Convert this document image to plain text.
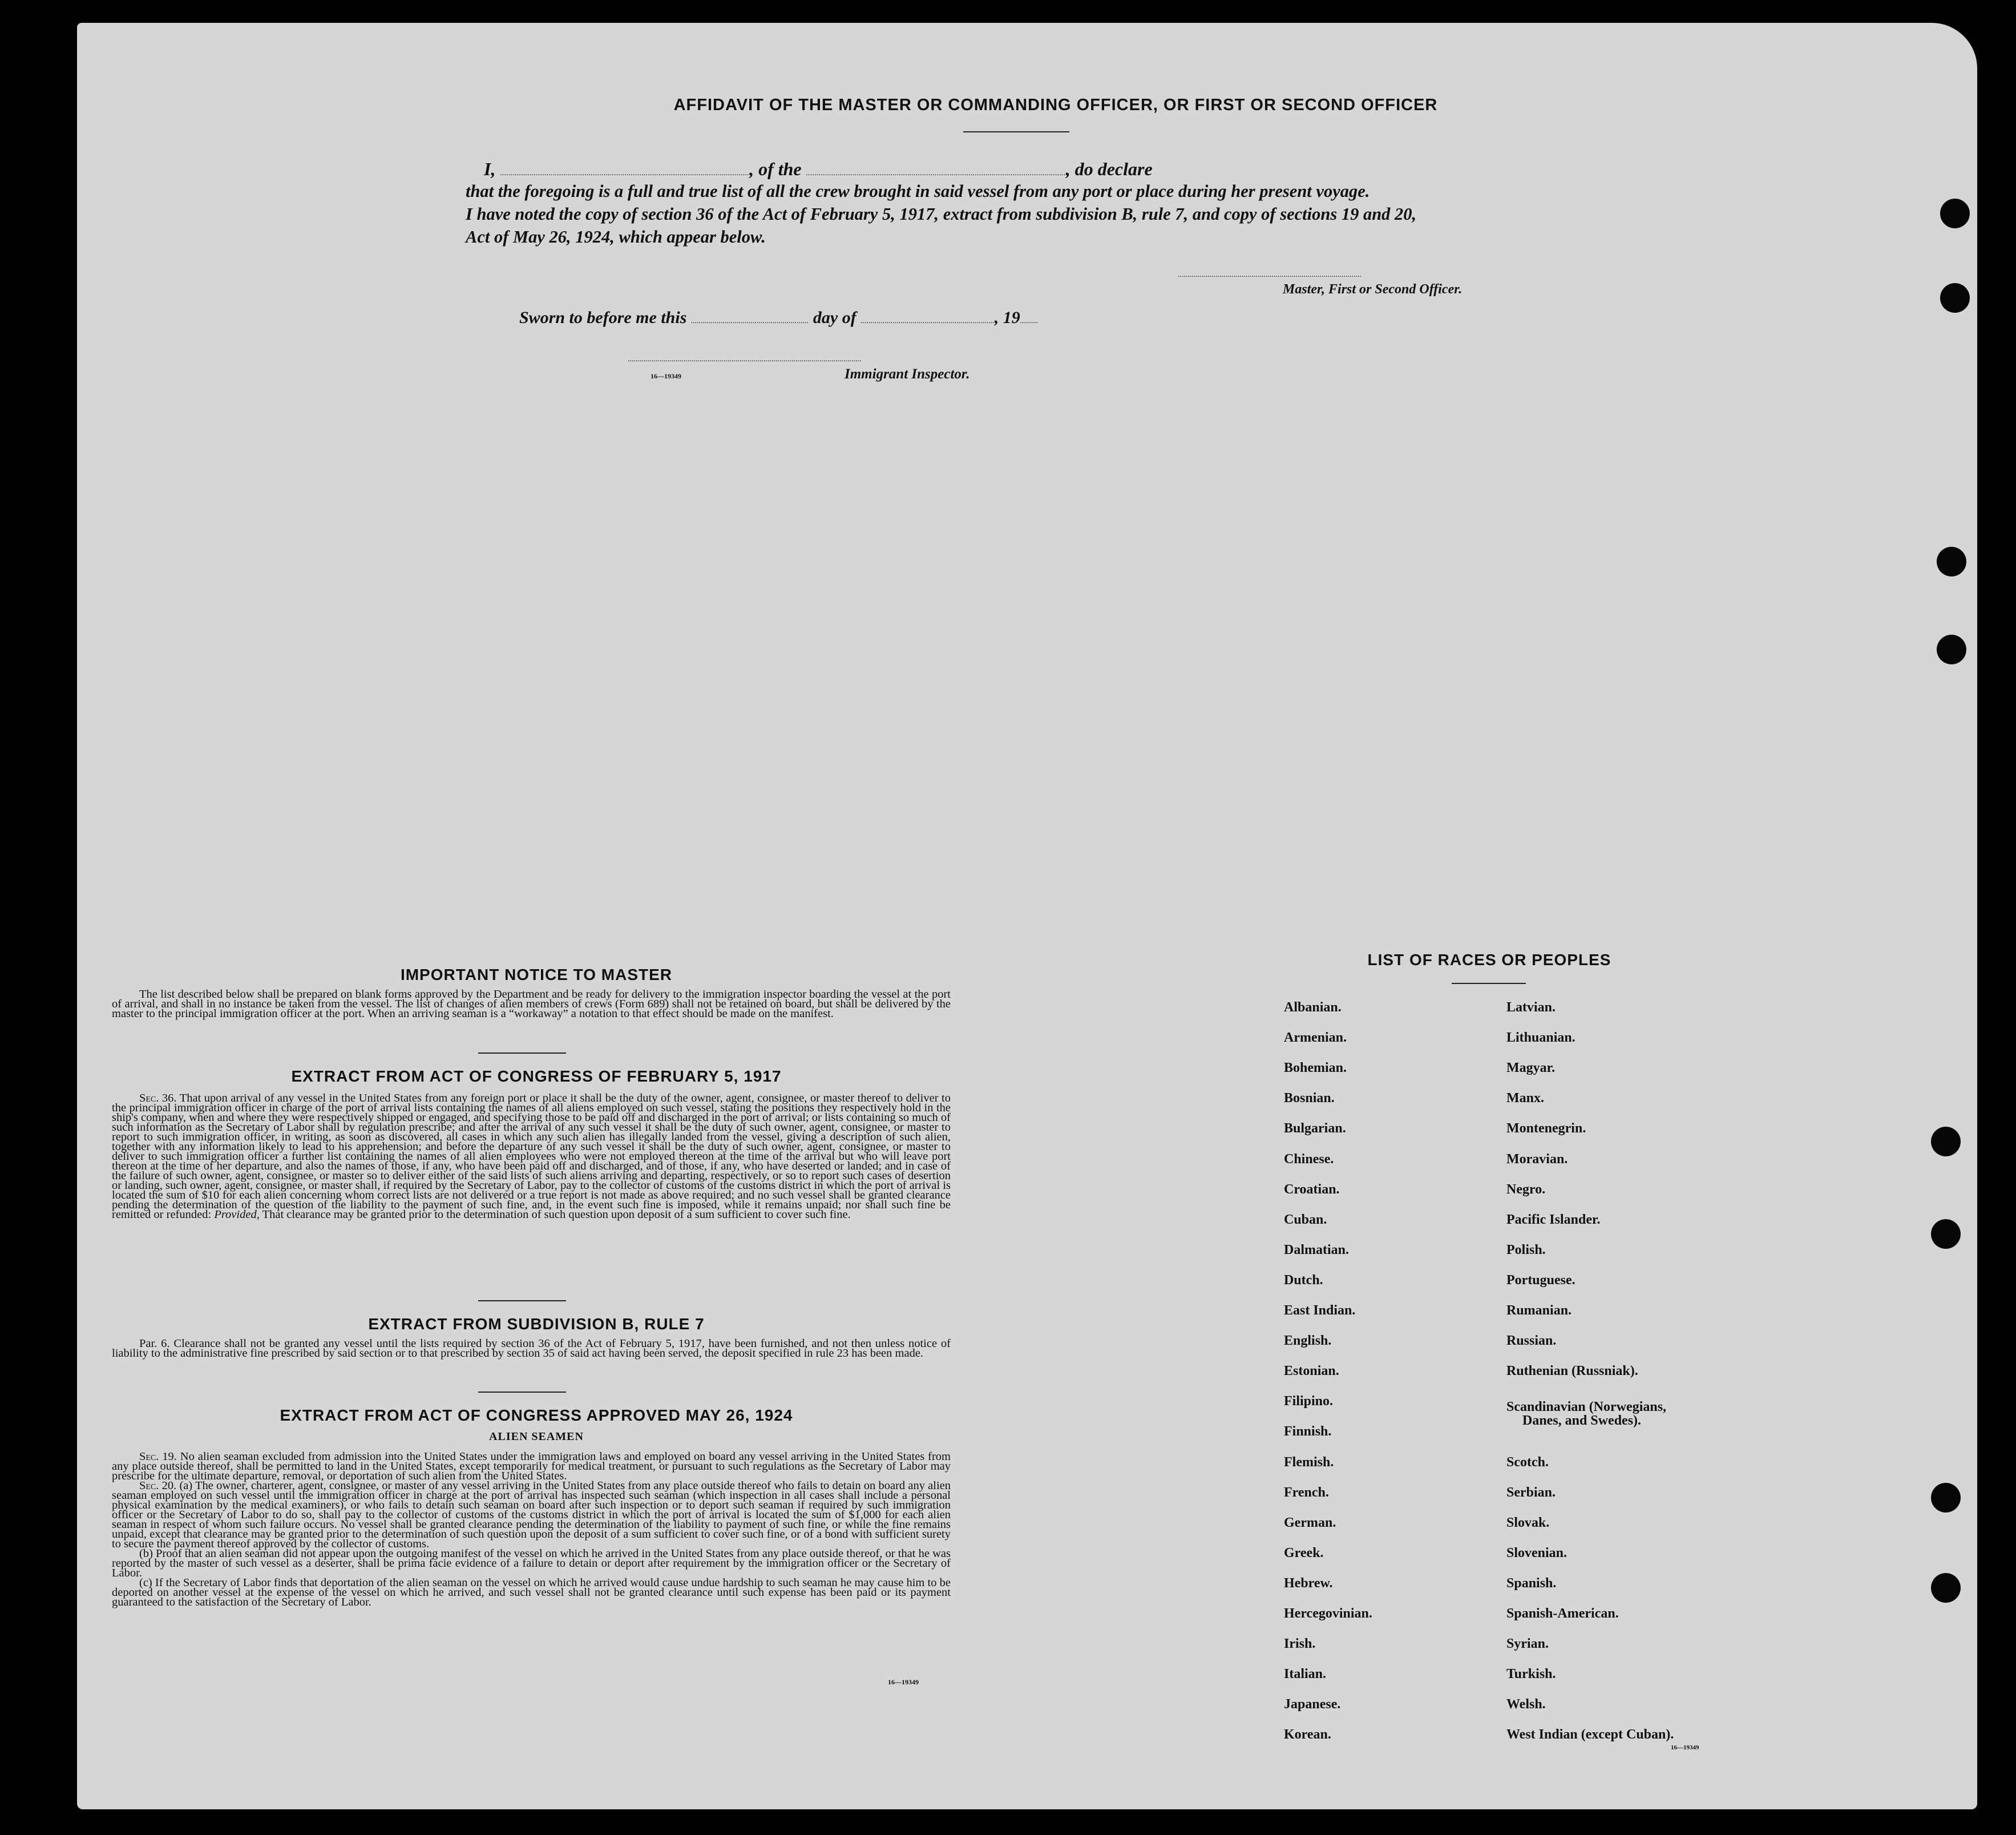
AFFIDAVIT OF THE MASTER OR COMMANDING OFFICER, OR FIRST OR SECOND OFFICER
I, ......................................................................................................................, of the ..........................................................................................................................., do declare
that the foregoing is a full and true list of all the crew brought in said vessel from any port or place during her present voyage.
I have noted the copy of section 36 of the Act of February 5, 1917, extract from subdivision B, rule 7, and copy of sections 19 and 20,
Act of May 26, 1924, which appear below.
............................................................................................
Master, First or Second Officer.
Sworn to before me this ........................................................... day of ..................................................................., 19.........
.....................................................................................................................
16—19349	Immigrant Inspector.
IMPORTANT NOTICE TO MASTER

The list described below shall be prepared on blank forms approved by the Department and be ready for delivery to the immigration inspector boarding the vessel at the port of arrival, and shall in no instance be taken from the vessel. The list of changes of alien members of crews (Form 689) shall not be retained on board, but shall be delivered by the master to the principal immigration officer at the port. When an arriving seaman is a “workaway” a notation to that effect should be made on the manifest.

EXTRACT FROM ACT OF CONGRESS OF FEBRUARY 5, 1917

Sec. 36. That upon arrival of any vessel in the United States from any foreign port or place it shall be the duty of the owner, agent, consignee, or master thereof to deliver to the principal immigration officer in charge of the port of arrival lists containing the names of all aliens employed on such vessel, stating the positions they respectively hold in the ship's company, when and where they were respectively shipped or engaged, and specifying those to be paid off and discharged in the port of arrival; or lists containing so much of such information as the Secretary of Labor shall by regulation prescribe; and after the arrival of any such vessel it shall be the duty of such owner, agent, consignee, or master to report to such immigration officer, in writing, as soon as discovered, all cases in which any such alien has illegally landed from the vessel, giving a description of such alien, together with any information likely to lead to his apprehension; and before the departure of any such vessel it shall be the duty of such owner, agent, consignee, or master to deliver to such immigration officer a further list containing the names of all alien employees who were not employed thereon at the time of the arrival but who will leave port thereon at the time of her departure, and also the names of those, if any, who have been paid off and discharged, and of those, if any, who have deserted or landed; and in case of the failure of such owner, agent, consignee, or master so to deliver either of the said lists of such aliens arriving and departing, respectively, or so to report such cases of desertion or landing, such owner, agent, consignee, or master shall, if required by the Secretary of Labor, pay to the collector of customs of the customs district in which the port of arrival is located the sum of $10 for each alien concerning whom correct lists are not delivered or a true report is not made as above required; and no such vessel shall be granted clearance pending the determination of the question of the liability to the payment of such fine, and, in the event such fine is imposed, while it remains unpaid; nor shall such fine be remitted or refunded: Provided, That clearance may be granted prior to the determination of such question upon deposit of a sum sufficient to cover such fine.

EXTRACT FROM SUBDIVISION B, RULE 7

Par. 6. Clearance shall not be granted any vessel until the lists required by section 36 of the Act of February 5, 1917, have been furnished, and not then unless notice of liability to the administrative fine prescribed by said section or to that prescribed by section 35 of said act having been served, the deposit specified in rule 23 has been made.

EXTRACT FROM ACT OF CONGRESS APPROVED MAY 26, 1924
ALIEN SEAMEN

Sec. 19. No alien seaman excluded from admission into the United States under the immigration laws and employed on board any vessel arriving in the United States from any place outside thereof, shall be permitted to land in the United States, except temporarily for medical treatment, or pursuant to such regulations as the Secretary of Labor may prescribe for the ultimate departure, removal, or deportation of such alien from the United States.

Sec. 20. (a) The owner, charterer, agent, consignee, or master of any vessel arriving in the United States from any place outside thereof who fails to detain on board any alien seaman employed on such vessel until the immigration officer in charge at the port of arrival has inspected such seaman (which inspection in all cases shall include a personal physical examination by the medical examiners), or who fails to detain such seaman on board after such inspection or to deport such seaman if required by such immigration officer or the Secretary of Labor to do so, shall pay to the collector of customs of the customs district in which the port of arrival is located the sum of $1,000 for each alien seaman in respect of whom such failure occurs. No vessel shall be granted clearance pending the determination of the liability to payment of such fine, or while the fine remains unpaid, except that clearance may be granted prior to the determination of such question upon the deposit of a sum sufficient to cover such fine, or of a bond with sufficient surety to secure the payment thereof approved by the collector of customs.

(b) Proof that an alien seaman did not appear upon the outgoing manifest of the vessel on which he arrived in the United States from any place outside thereof, or that he was reported by the master of such vessel as a deserter, shall be prima facie evidence of a failure to detain or deport after requirement by the immigration officer or the Secretary of Labor.

(c) If the Secretary of Labor finds that deportation of the alien seaman on the vessel on which he arrived would cause undue hardship to such seaman he may cause him to be deported on another vessel at the expense of the vessel on which he arrived, and such vessel shall not be granted clearance until such expense has been paid or its payment guaranteed to the satisfaction of the Secretary of Labor.

16—19349
LIST OF RACES OR PEOPLES
Albanian.
Armenian.
Bohemian.
Bosnian.
Bulgarian.
Chinese.
Croatian.
Cuban.
Dalmatian.
Dutch.
East Indian.
English.
Estonian.
Filipino.
Finnish.
Flemish.
French.
German.
Greek.
Hebrew.
Hercegovinian.
Irish.
Italian.
Japanese.
Korean.
Latvian.
Lithuanian.
Magyar.
Manx.
Montenegrin.
Moravian.
Negro.
Pacific Islander.
Polish.
Portuguese.
Rumanian.
Russian.
Ruthenian (Russniak).
Scandinavian (Norwegians,
Danes, and Swedes).
Scotch.
Serbian.
Slovak.
Slovenian.
Spanish.
Spanish-American.
Syrian.
Turkish.
Welsh.
West Indian (except Cuban).
16—19349
